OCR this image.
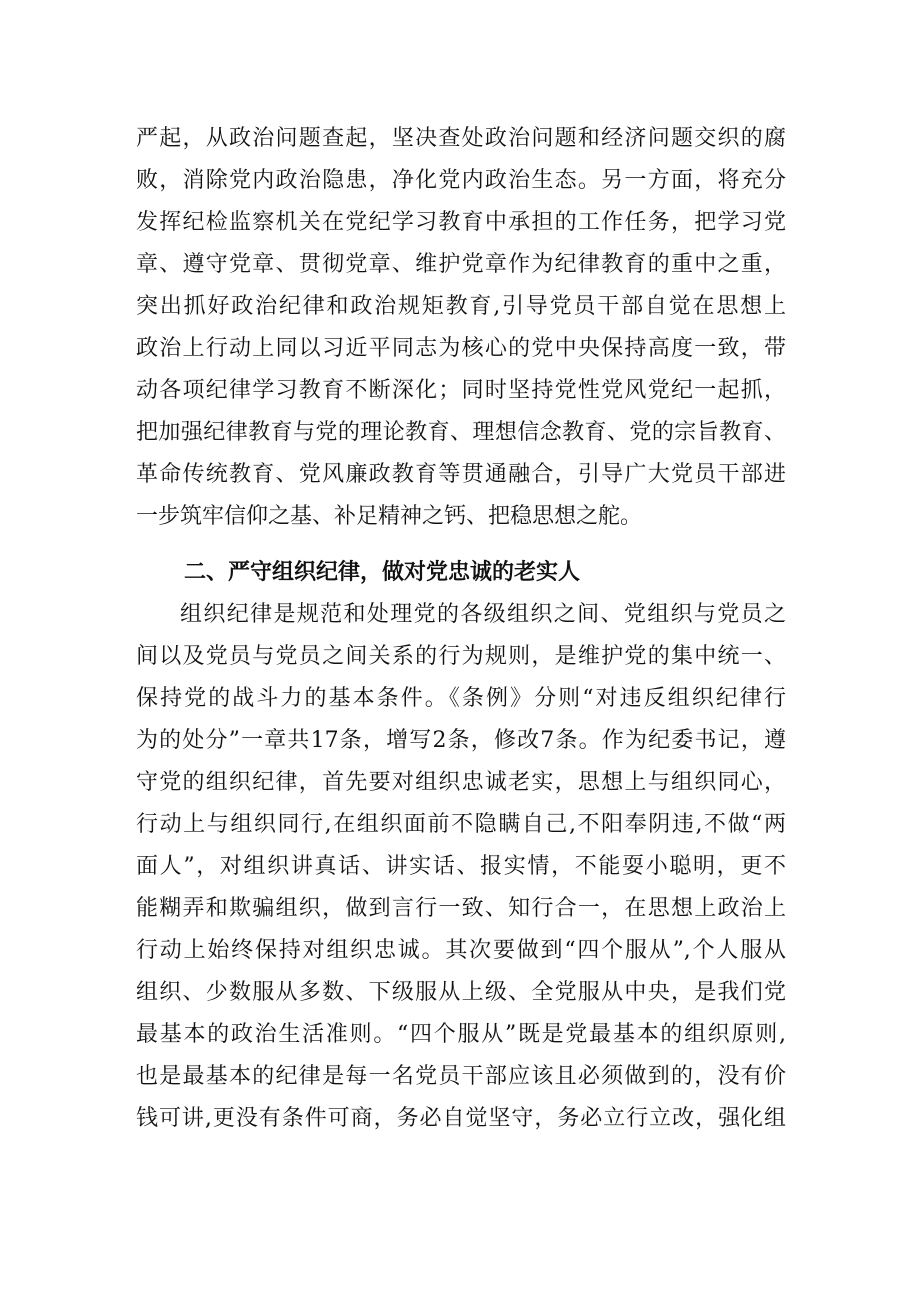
严起，从政治问题查起，坚决查处政治问题和经济问题交织的腐
败，消除党内政治隐患，净化党内政治生态。另一方面，将充分
发挥纪检监察机关在党纪学习教育中承担的工作任务，把学习党
章、遵守党章、贯彻党章、维护党章作为纪律教育的重中之重，
突出抓好政治纪律和政治规矩教育,引导党员干部自觉在思想上
政治上行动上同以习近平同志为核心的党中央保持高度一致，带
动各项纪律学习教育不断深化；同时坚持党性党风党纪一起抓，
把加强纪律教育与党的理论教育、理想信念教育、党的宗旨教育、
革命传统教育、党风廉政教育等贯通融合，引导广大党员干部进
一步筑牢信仰之基、补足精神之钙、把稳思想之舵。
二、严守组织纪律，做对党忠诚的老实人
组织纪律是规范和处理党的各级组织之间、党组织与党员之
间以及党员与党员之间关系的行为规则，是维护党的集中统一、
保持党的战斗力的基本条件。《条例》分则“对违反组织纪律行
为的处分”一章共17条，增写2条，修改7条。作为纪委书记，遵
守党的组织纪律，首先要对组织忠诚老实，思想上与组织同心，
行动上与组织同行,在组织面前不隐瞒自己,不阳奉阴违,不做“两
面人”，对组织讲真话、讲实话、报实情，不能耍小聪明，更不
能糊弄和欺骗组织，做到言行一致、知行合一，在思想上政治上
行动上始终保持对组织忠诚。其次要做到“四个服从”,个人服从
组织、少数服从多数、下级服从上级、全党服从中央，是我们党
最基本的政治生活准则。“四个服从”既是党最基本的组织原则,
也是最基本的纪律是每一名党员干部应该且必须做到的，没有价
钱可讲,更没有条件可商，务必自觉坚守，务必立行立改，强化组
